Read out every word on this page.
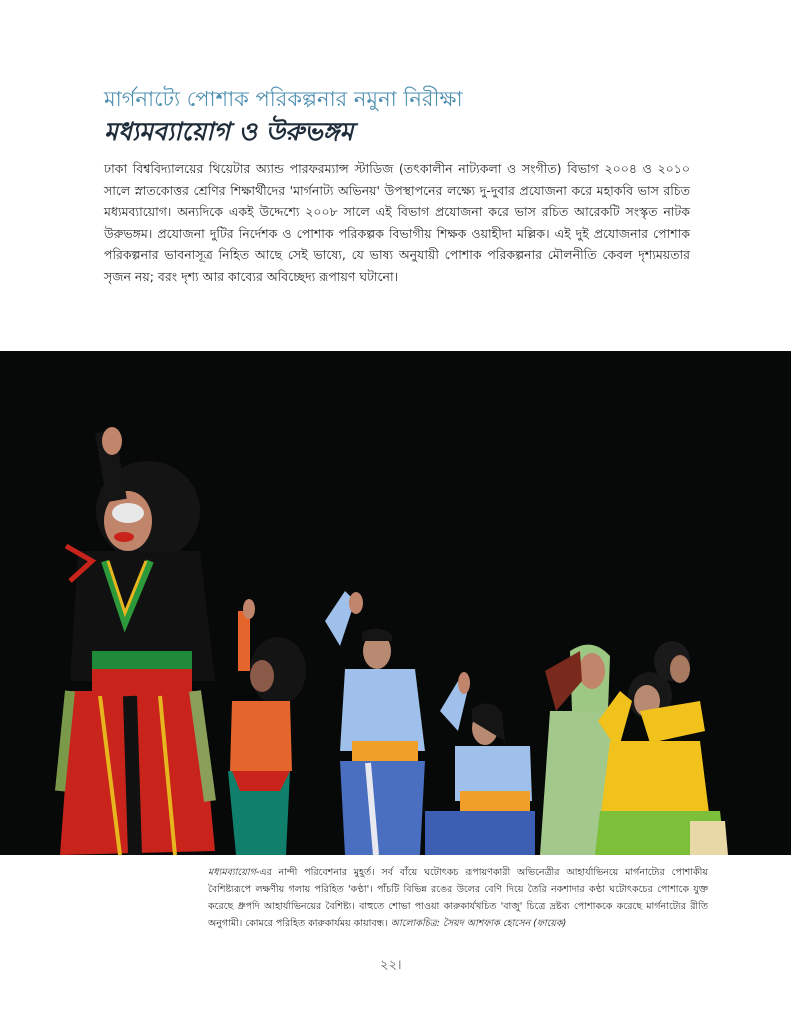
মার্গনাট্যে পোশাক পরিকল্পনার নমুনা নিরীক্ষা
মধ্যমব্যায়োগ ও উরুভঙ্গম

ঢাকা বিশ্ববিদ্যালয়ের থিয়েটার অ্যান্ড পারফরম্যান্স স্টাডিজ (তৎকালীন নাট্যকলা ও সংগীত) বিভাগ ২০০৪ ও ২০১০ সালে স্নাতকোত্তর শ্রেণির শিক্ষার্থীদের 'মার্গনাট্য অভিনয়' উপস্থাপনের লক্ষ্যে দু-দুবার প্রযোজনা করে মহাকবি ভাস রচিত মধ্যমব্যায়োগ। অন্যদিকে একই উদ্দেশ্যে ২০০৮ সালে এই বিভাগ প্রযোজনা করে ভাস রচিত আরেকটি সংস্কৃত নাটক উরুভঙ্গম। প্রযোজনা দুটির নির্দেশক ও পোশাক পরিকল্পক বিভাগীয় শিক্ষক ওয়াহীদা মল্লিক। এই দুই প্রযোজনার পোশাক পরিকল্পনার ভাবনাসূত্র নিহিত আছে সেই ভাষ্যে, যে ভাষ্য অনুযায়ী পোশাক পরিকল্পনার মৌলনীতি কেবল দৃশ্যময়তার সৃজন নয়; বরং দৃশ্য আর কাব্যের অবিচ্ছেদ্য রূপায়ণ ঘটানো।

মধ্যমব্যায়োগ-এর নান্দী পরিবেশনার মুহূর্ত। সর্ব বাঁয়ে ঘটোৎকচ রূপায়ণকারী অভিনেত্রীর আহার্যাভিনয়ে মার্গনাট্যের পোশাকীয় বৈশিষ্ট্যরূপে লক্ষণীয় গলায় পরিহিত 'কণ্ঠা'। পাঁচটি বিভিন্ন রঙের উলের বেণি দিয়ে তৈরি নকশাদার কণ্ঠা ঘটোৎকচের পোশাকে যুক্ত করেছে ধ্রুপদি আহার্যাভিনয়ের বৈশিষ্ট্য। বাহুতে শোভা পাওয়া কারুকার্যখচিত 'বাজু' চিত্রে দ্রষ্টব্য পোশাককে করেছে মার্গনাট্যের রীতি অনুগামী। কোমরে পরিহিত কারুকার্যময় কায়াবন্ধ। আলোকচিত্র: সৈয়দ আশফাক হোসেন (ফায়েক)
২২।
